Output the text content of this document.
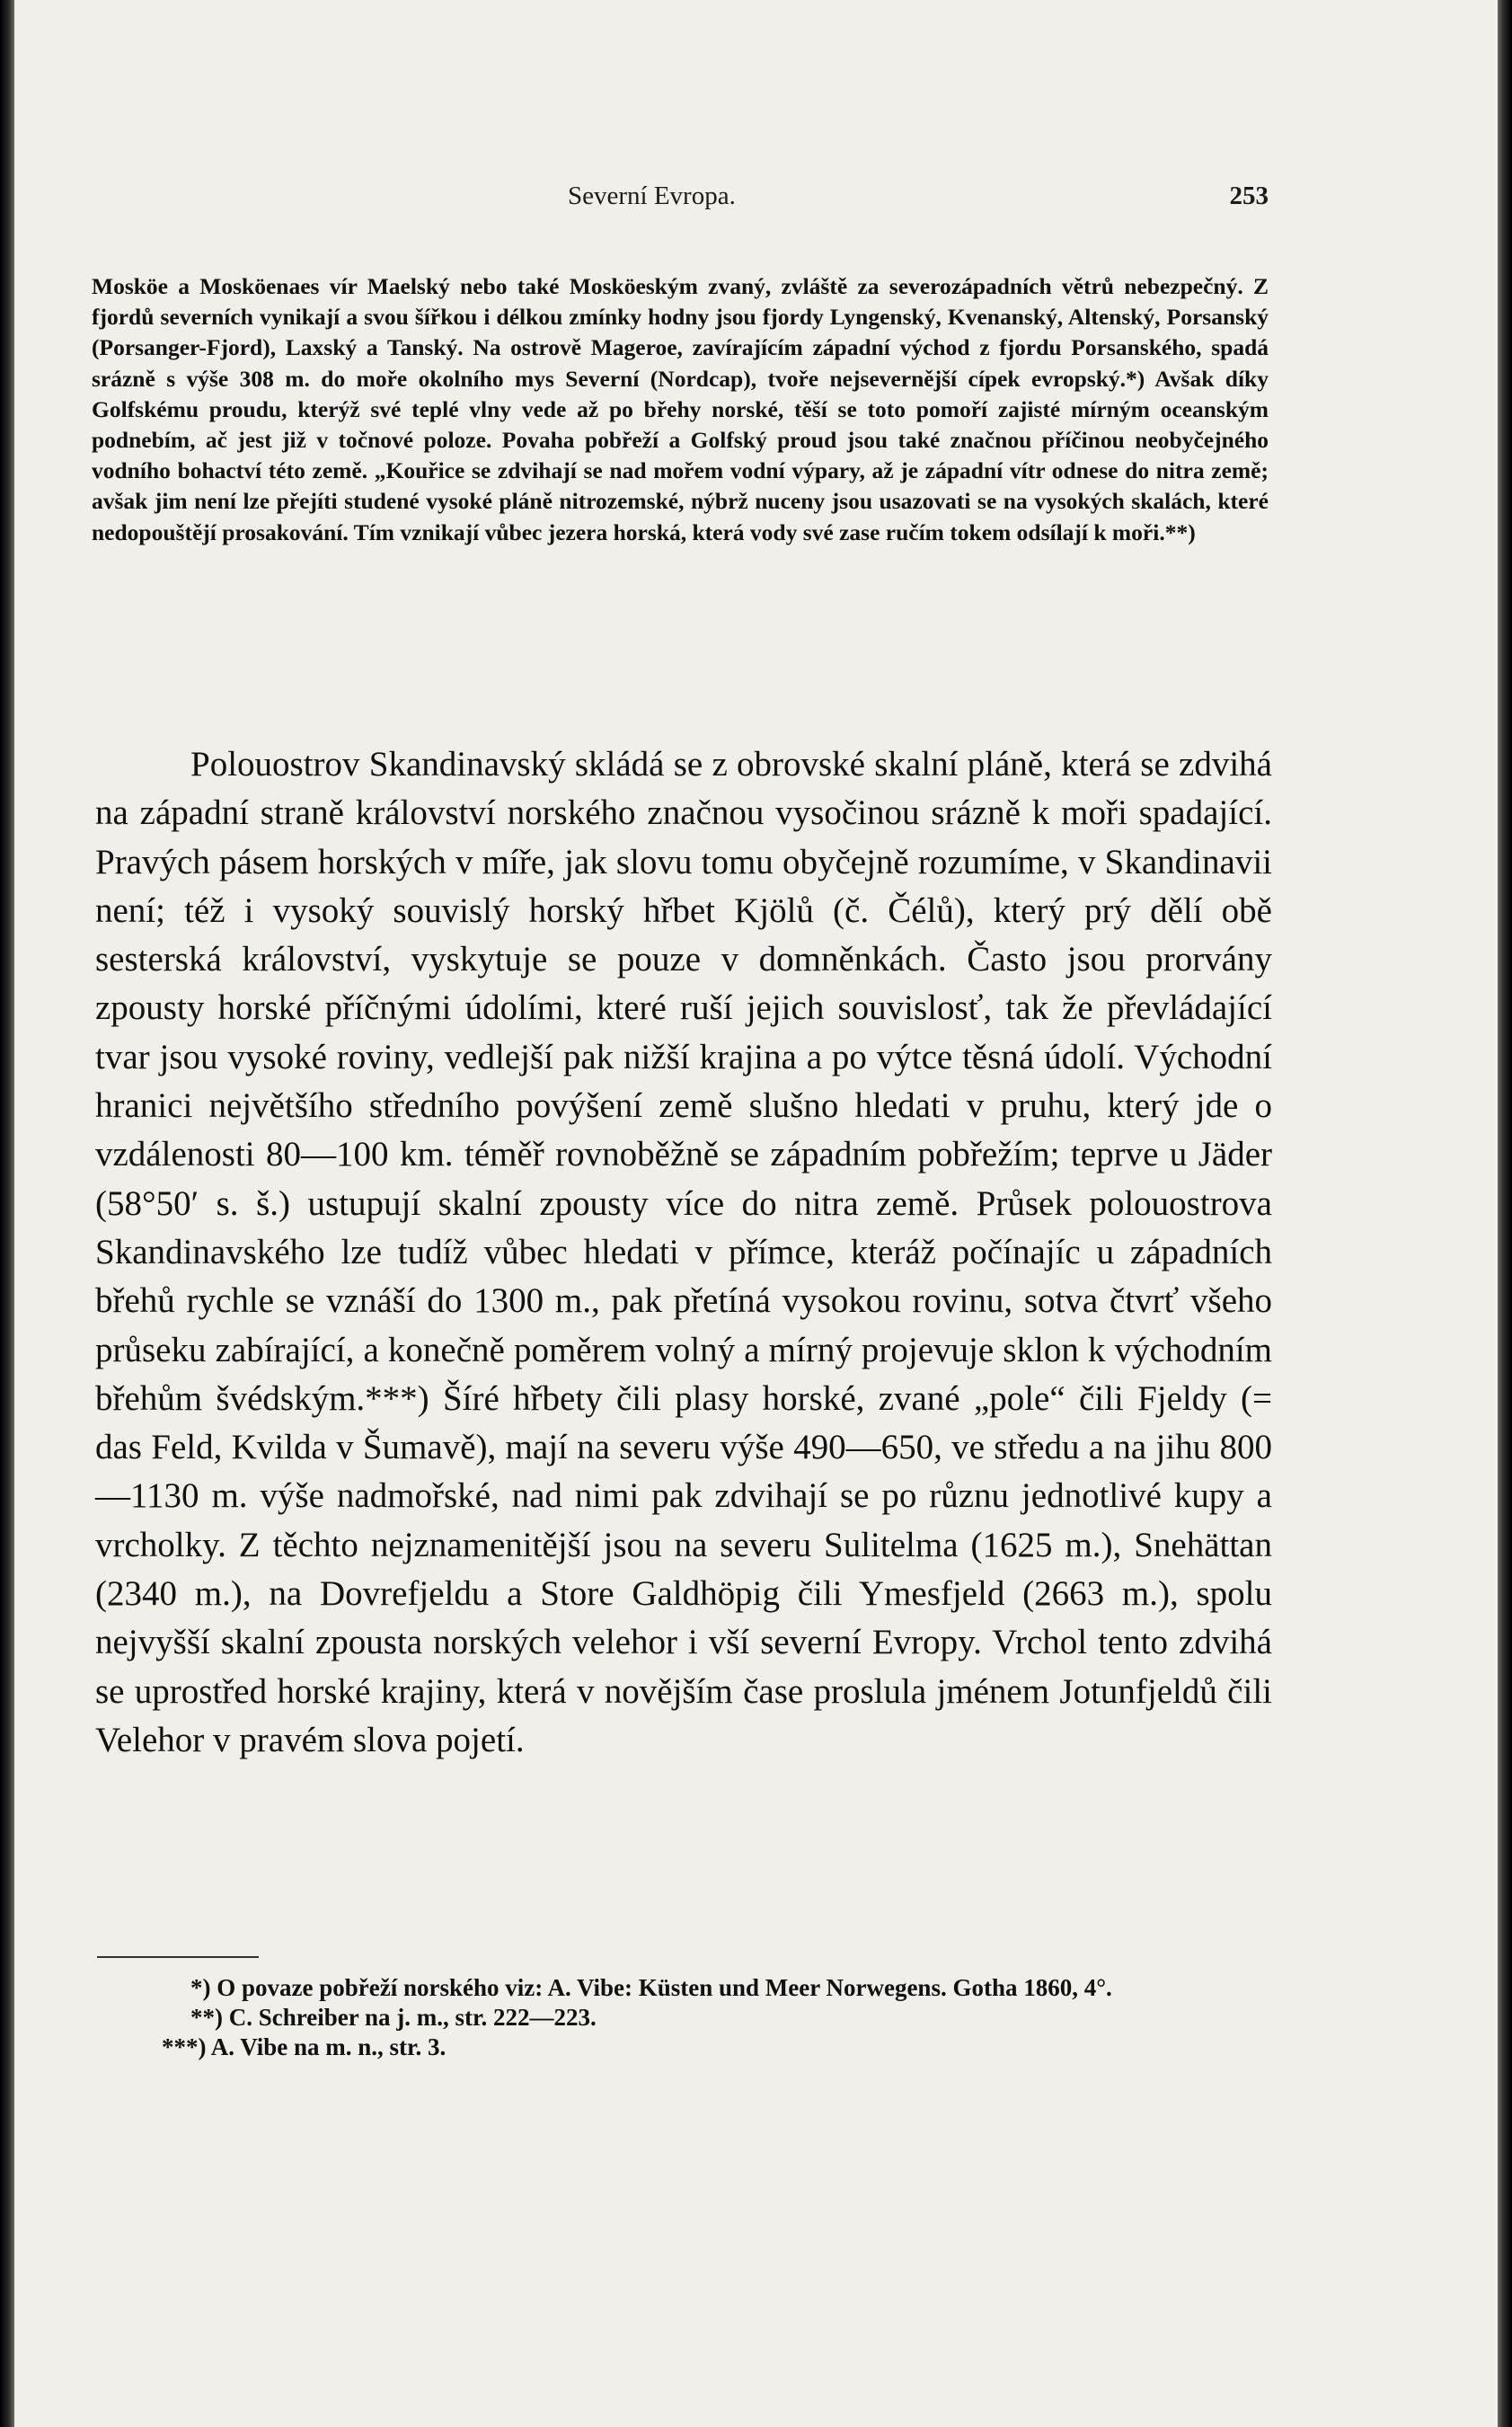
Severní Evropa.	253

Mosköe a Mosköenaes vír Maelský nebo také Mosköeským zvaný, zvláště za severozápadních větrů nebezpečný. Z fjordů severních vynikají a svou šířkou i délkou zmínky hodny jsou fjordy Lyngenský, Kvenanský, Altenský, Porsanský (Porsanger-Fjord), Laxský a Tanský. Na ostrově Mageroe, zavírajícím západní východ z fjordu Porsanského, spadá srázně s výše 308 m. do moře okolního mys Severní (Nordcap), tvoře nejsevernější cípek evropský.*) Avšak díky Golfskému proudu, kterýž své teplé vlny vede až po břehy norské, těší se toto pomoří zajisté mírným oceanským podnebím, ač jest již v točnové poloze. Povaha pobřeží a Golfský proud jsou také značnou příčinou neobyčejného vodního bohactví této země. „Kouřice se zdvihají se nad mořem vodní výpary, až je západní vítr odnese do nitra země; avšak jim není lze přejíti studené vysoké pláně nitrozemské, nýbrž nuceny jsou usazovati se na vysokých skalách, které nedopouštějí prosakování. Tím vznikají vůbec jezera horská, která vody své zase ručím tokem odsílají k moři.**)

Polouostrov Skandinavský skládá se z obrovské skalní pláně, která se zdvihá na západní straně království norského značnou vysočinou srázně k moři spadající. Pravých pásem horských v míře, jak slovu tomu obyčejně rozumíme, v Skandinavii není; též i vysoký souvislý horský hřbet Kjölů (č. Čélů), který prý dělí obě sesterská království, vyskytuje se pouze v domněnkách. Často jsou prorvány zpousty horské příčnými údolími, které ruší jejich souvislosť, tak že převládající tvar jsou vysoké roviny, vedlejší pak nižší krajina a po výtce těsná údolí. Východní hranici největšího středního povýšení země slušno hledati v pruhu, který jde o vzdálenosti 80—100 km. téměř rovnoběžně se západním pobřežím; teprve u Jäder (58°50′ s. š.) ustupují skalní zpousty více do nitra země. Průsek polouostrova Skandinavského lze tudíž vůbec hledati v přímce, kteráž počínajíc u západních břehů rychle se vznáší do 1300 m., pak přetíná vysokou rovinu, sotva čtvrť všeho průseku zabírající, a konečně poměrem volný a mírný projevuje sklon k východním břehům švédským.***) Šíré hřbety čili plasy horské, zvané „pole“ čili Fjeldy (= das Feld, Kvilda v Šumavě), mají na severu výše 490—650, ve středu a na jihu 800—1130 m. výše nadmořské, nad nimi pak zdvihají se po různu jednotlivé kupy a vrcholky. Z těchto nejznamenitější jsou na severu Sulitelma (1625 m.), Snehättan (2340 m.), na Dovrefjeldu a Store Galdhöpig čili Ymesfjeld (2663 m.), spolu nejvyšší skalní zpousta norských velehor i vší severní Evropy. Vrchol tento zdvihá se uprostřed horské krajiny, která v novějším čase proslula jménem Jotunfjeldů čili Velehor v pravém slova pojetí.

*) O povaze pobřeží norského viz: A. Vibe: Küsten und Meer Norwegens. Gotha 1860, 4°.

**) C. Schreiber na j. m., str. 222—223.

***) A. Vibe na m. n., str. 3.
